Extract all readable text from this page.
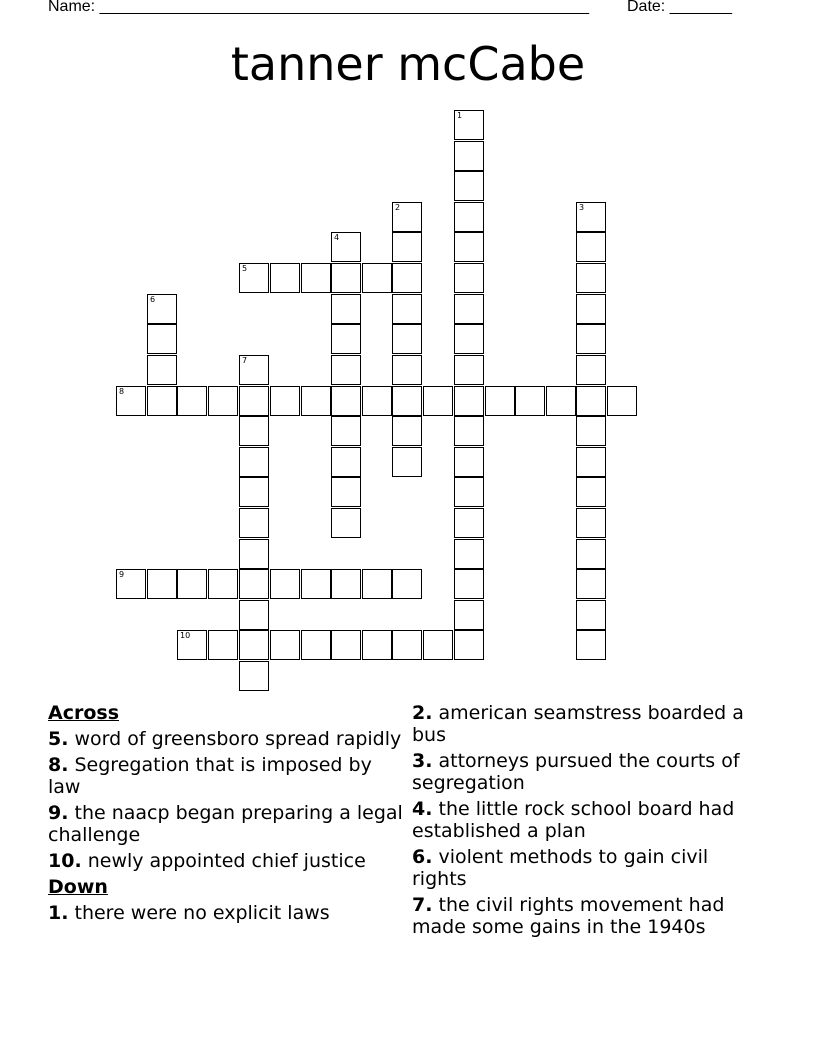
Name: _______________________________________________________ Date: _______
tanner mcCabe
1
2	3
4
5
6
7
8
9
10
Across
5. word of greensboro spread rapidly
8. Segregation that is imposed by law
9. the naacp began preparing a legal challenge
10. newly appointed chief justice
Down
1. there were no explicit laws
2. american seamstress boarded a bus
3. attorneys pursued the courts of segregation
4. the little rock school board had established a plan
6. violent methods to gain civil rights
7. the civil rights movement had made some gains in the 1940s
